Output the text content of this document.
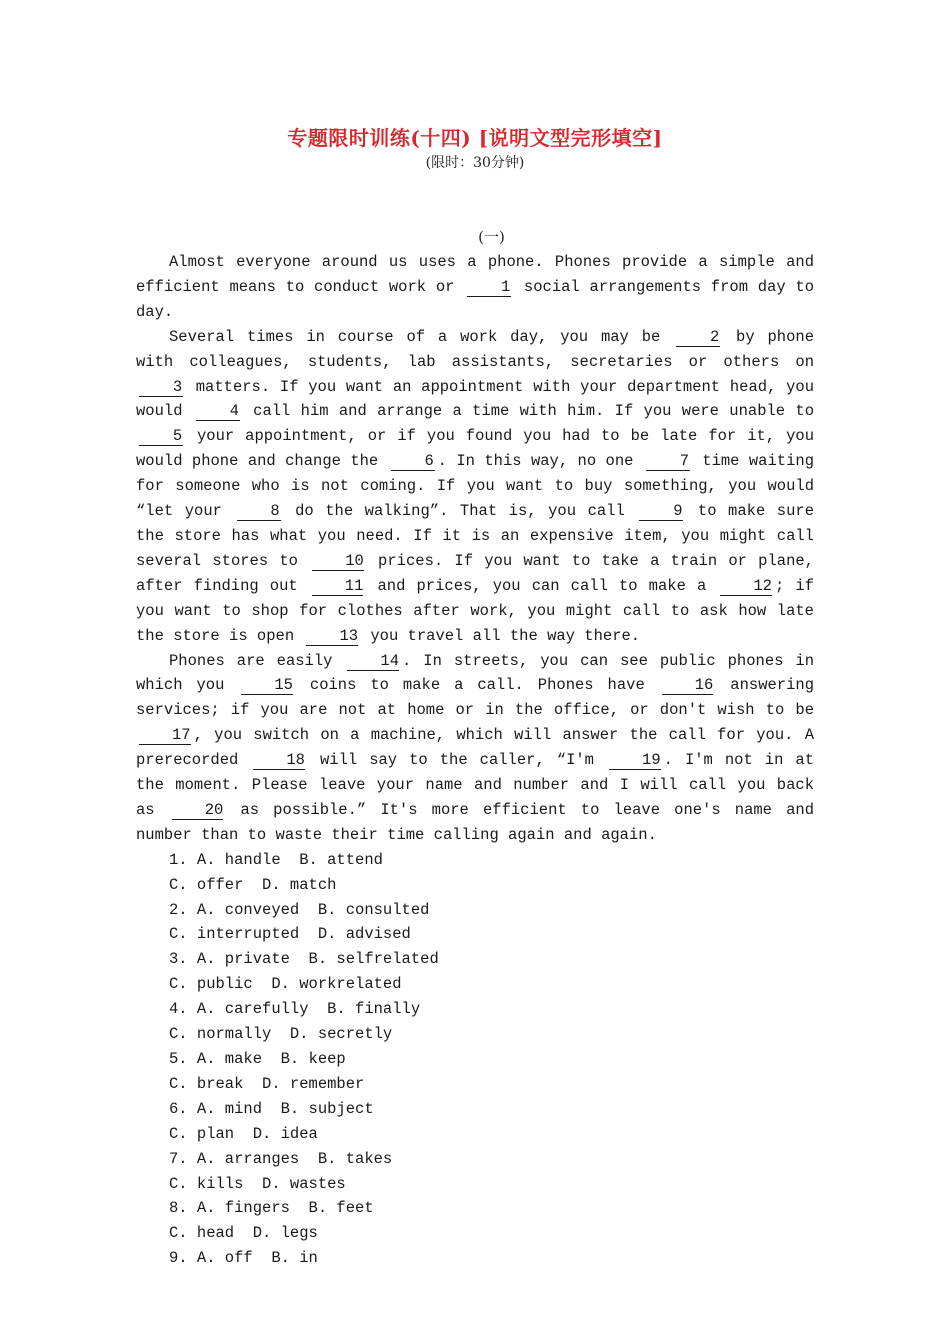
专题限时训练(十四) [说明文型完形填空]
(限时：30分钟)
(一)

Almost everyone around us uses a phone. Phones provide a simple and efficient means to conduct work or 1 social arrangements from day to day.

Several times in course of a work day, you may be 2 by phone with colleagues, students, lab assistants, secretaries or others on 3 matters. If you want an appointment with your department head, you would 4 call him and arrange a time with him. If you were unable to 5 your appointment, or if you found you had to be late for it, you would phone and change the 6 . In this way, no one 7 time waiting for someone who is not coming. If you want to buy something, you would “let your 8 do the walking”. That is, you call 9 to make sure the store has what you need. If it is an expensive item, you might call several stores to 10 prices. If you want to take a train or plane, after finding out 11 and prices, you can call to make a 12 ; if you want to shop for clothes after work, you might call to ask how late the store is open 13 you travel all the way there.

Phones are easily 14 . In streets, you can see public phones in which you 15 coins to make a call. Phones have 16 answering services; if you are not at home or in the office, or don't wish to be 17 , you switch on a machine, which will answer the call for you. A prerecorded 18 will say to the caller, “I'm 19 . I'm not in at the moment. Please leave your name and number and I will call you back as 20 as possible.” It's more efficient to leave one's name and number than to waste their time calling again and again.

1. A. handle  B. attend
C. offer  D. match
2. A. conveyed  B. consulted
C. interrupted  D. advised
3. A. private  B. selfrelated
C. public  D. workrelated
4. A. carefully  B. finally
C. normally  D. secretly
5. A. make  B. keep
C. break  D. remember
6. A. mind  B. subject
C. plan  D. idea
7. A. arranges  B. takes
C. kills  D. wastes
8. A. fingers  B. feet
C. head  D. legs
9. A. off  B. in
